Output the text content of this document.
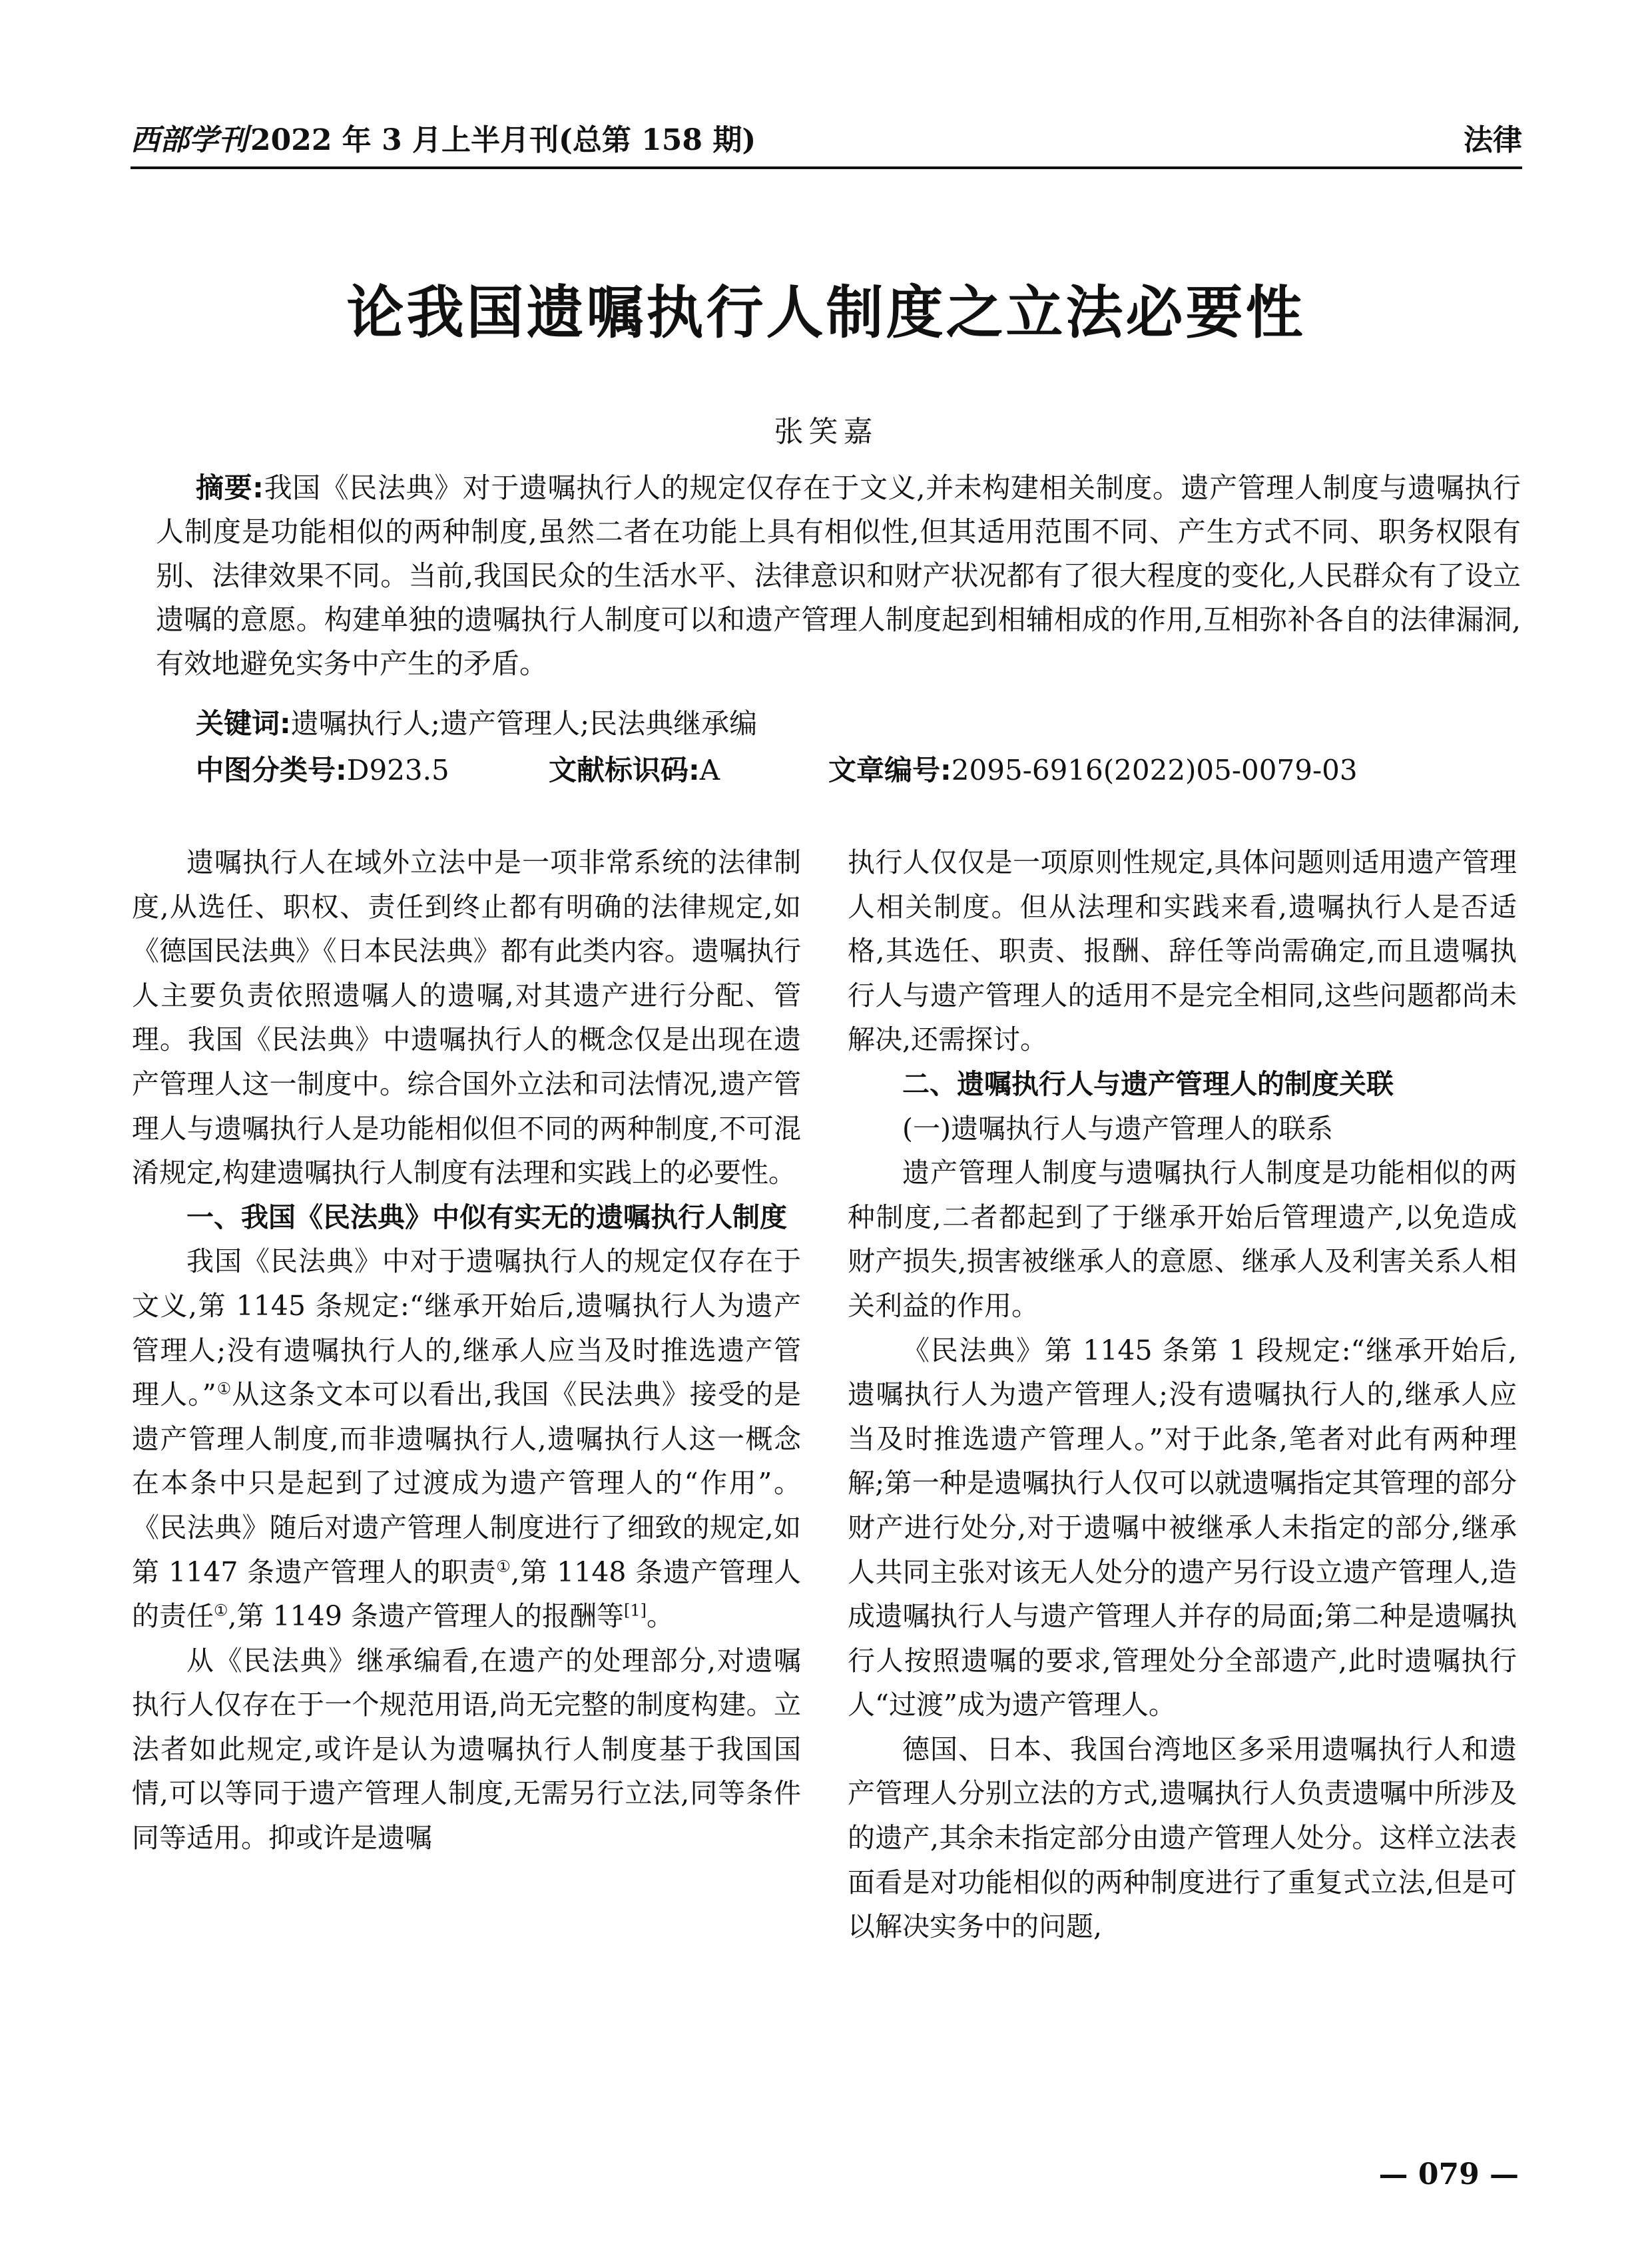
西部学刊2022 年 3 月上半月刊(总第 158 期)	法律
论我国遗嘱执行人制度之立法必要性
张笑嘉
摘要:我国《民法典》对于遗嘱执行人的规定仅存在于文义,并未构建相关制度。遗产管理人制度与遗嘱执行人制度是功能相似的两种制度,虽然二者在功能上具有相似性,但其适用范围不同、产生方式不同、职务权限有别、法律效果不同。当前,我国民众的生活水平、法律意识和财产状况都有了很大程度的变化,人民群众有了设立遗嘱的意愿。构建单独的遗嘱执行人制度可以和遗产管理人制度起到相辅相成的作用,互相弥补各自的法律漏洞,有效地避免实务中产生的矛盾。
关键词:遗嘱执行人;遗产管理人;民法典继承编
中图分类号:D923.5	文献标识码:A	文章编号:2095-6916(2022)05-0079-03

遗嘱执行人在域外立法中是一项非常系统的法律制度,从选任、职权、责任到终止都有明确的法律规定,如《德国民法典》《日本民法典》都有此类内容。遗嘱执行人主要负责依照遗嘱人的遗嘱,对其遗产进行分配、管理。我国《民法典》中遗嘱执行人的概念仅是出现在遗产管理人这一制度中。综合国外立法和司法情况,遗产管理人与遗嘱执行人是功能相似但不同的两种制度,不可混淆规定,构建遗嘱执行人制度有法理和实践上的必要性。

一、我国《民法典》中似有实无的遗嘱执行人制度

我国《民法典》中对于遗嘱执行人的规定仅存在于文义,第 1145 条规定:“继承开始后,遗嘱执行人为遗产管理人;没有遗嘱执行人的,继承人应当及时推选遗产管理人。”①从这条文本可以看出,我国《民法典》接受的是遗产管理人制度,而非遗嘱执行人,遗嘱执行人这一概念在本条中只是起到了过渡成为遗产管理人的“作用”。《民法典》随后对遗产管理人制度进行了细致的规定,如第 1147 条遗产管理人的职责①,第 1148 条遗产管理人的责任①,第 1149 条遗产管理人的报酬等[1]。

从《民法典》继承编看,在遗产的处理部分,对遗嘱执行人仅存在于一个规范用语,尚无完整的制度构建。立法者如此规定,或许是认为遗嘱执行人制度基于我国国情,可以等同于遗产管理人制度,无需另行立法,同等条件同等适用。抑或许是遗嘱

执行人仅仅是一项原则性规定,具体问题则适用遗产管理人相关制度。但从法理和实践来看,遗嘱执行人是否适格,其选任、职责、报酬、辞任等尚需确定,而且遗嘱执行人与遗产管理人的适用不是完全相同,这些问题都尚未解决,还需探讨。

二、遗嘱执行人与遗产管理人的制度关联
(一)遗嘱执行人与遗产管理人的联系

遗产管理人制度与遗嘱执行人制度是功能相似的两种制度,二者都起到了于继承开始后管理遗产,以免造成财产损失,损害被继承人的意愿、继承人及利害关系人相关利益的作用。

《民法典》第 1145 条第 1 段规定:“继承开始后,遗嘱执行人为遗产管理人;没有遗嘱执行人的,继承人应当及时推选遗产管理人。”对于此条,笔者对此有两种理解;第一种是遗嘱执行人仅可以就遗嘱指定其管理的部分财产进行处分,对于遗嘱中被继承人未指定的部分,继承人共同主张对该无人处分的遗产另行设立遗产管理人,造成遗嘱执行人与遗产管理人并存的局面;第二种是遗嘱执行人按照遗嘱的要求,管理处分全部遗产,此时遗嘱执行人“过渡”成为遗产管理人。

德国、日本、我国台湾地区多采用遗嘱执行人和遗产管理人分别立法的方式,遗嘱执行人负责遗嘱中所涉及的遗产,其余未指定部分由遗产管理人处分。这样立法表面看是对功能相似的两种制度进行了重复式立法,但是可以解决实务中的问题,

— 079 —
